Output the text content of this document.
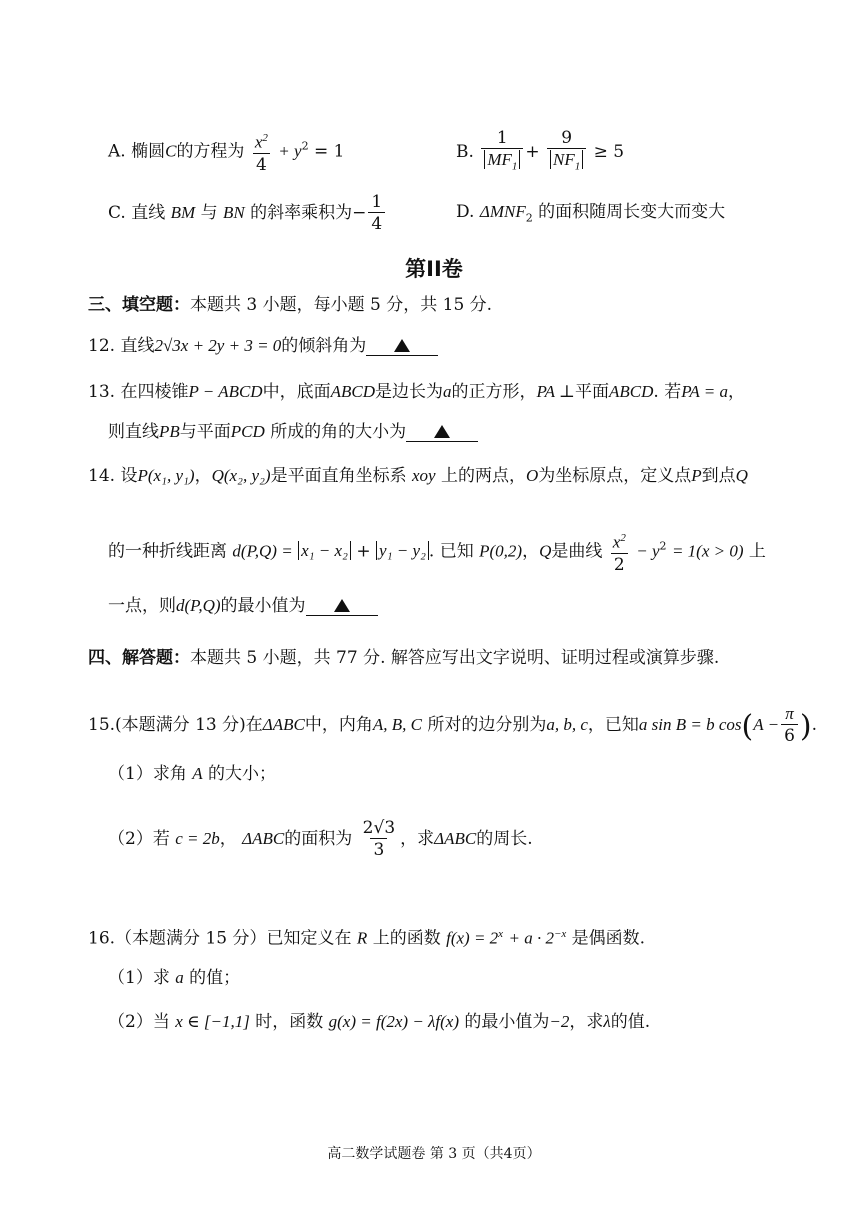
A. 椭圆C的方程为 $\frac{x^2}{4} + y^2 = 1$	B. $\frac{1}{MF_1} + \frac{9}{NF_1} \ge 5$
C. 直线 BM 与 BN 的斜率乘积为− $\frac{1}{4}$	D. $\Delta MNF_2$ 的面积随周长变大而变大
第II卷
三、填空题：本题共 3 小题，每小题 5 分，共 15 分.
12. 直线2√3x + 2y + 3 = 0的倾斜角为
13. 在四棱锥P − ABCD中，底面ABCD是边长为a的正方形，PA ⊥平面ABCD. 若PA = a，
则直线PB与平面PCD 所成的角的大小为
14. 设P(x₁, y₁)，Q(x₂, y₂)是平面直角坐标系 xoy 上的两点，O为坐标原点，定义点P到点Q
的一种折线距离 d(P,Q) = x₁ − x₂ + y₁ − y₂ . 已知 P(0,2)，Q是曲线 $\frac{x^2}{2} - y^2 = 1(x > 0)$ 上
一点，则d(P,Q)的最小值为
四、解答题：本题共 5 小题，共 77 分. 解答应写出文字说明、证明过程或演算步骤.
15.(本题满分 13 分)在ΔABC中，内角A, B, C 所对的边分别为a, b, c，已知a sin B = b $\cos(A - \frac{\pi}{6}$ ).
（1）求角 A 的大小；
（2）若 c = 2b， ΔABC的面积为 $\frac{2√3}{3}$ ，求ΔABC的周长.
16.（本题满分 15 分）已知定义在 R 上的函数 $f(x) = 2^x + a \cdot 2^{-x}$ 是偶函数.
（1）求 a 的值；
（2）当 x ∈ [−1,1] 时，函数 g(x) = f(2x) − λf(x) 的最小值为−2，求λ的值.
高二数学试题卷 第 3 页（共4页）
